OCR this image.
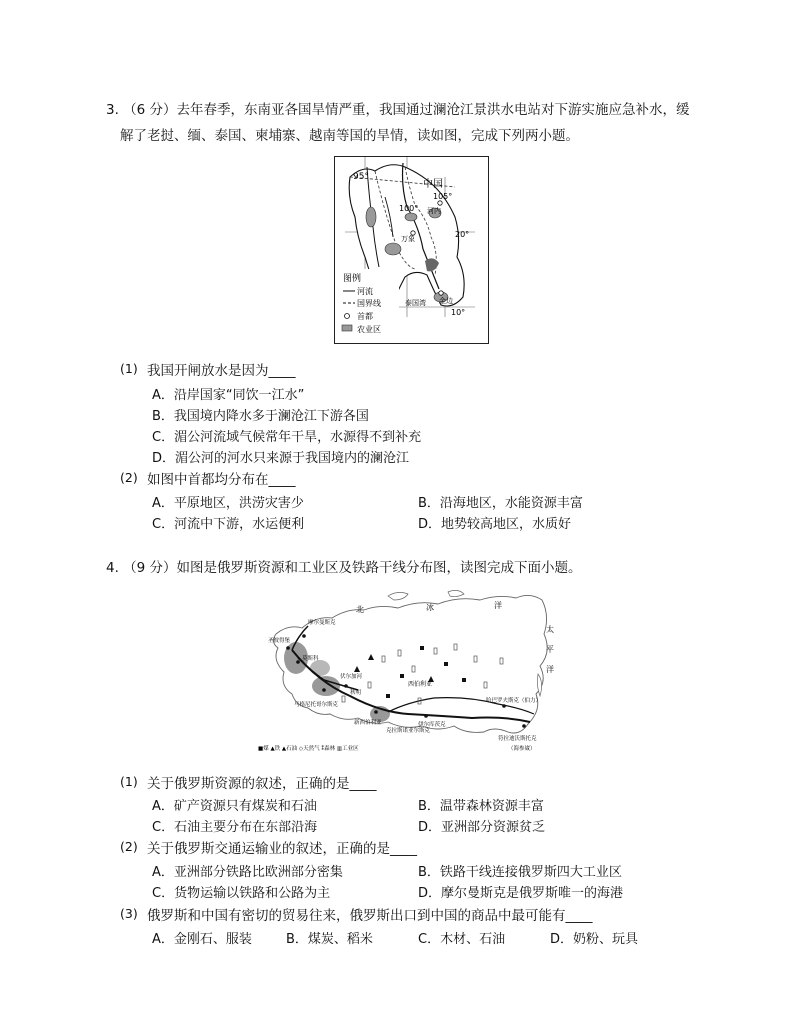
3. （6 分）去年春季，东南亚各国旱情严重，我国通过澜沧江景洪水电站对下游实施应急补水，缓
解了老挝、缅、泰国、柬埔寨、越南等国的旱情，读如图，完成下列两小题。
95°
中国
105°
100° 河内
20°
万象
泰国湾 金边
10°
图例
河流
国界线
首都
农业区
(1) 我国开闸放水是因为____
A．沿岸国家“同饮一江水”
B．我国境内降水多于澜沧江下游各国
C．湄公河流域气候常年干旱，水源得不到补充
D．湄公河的河水只来源于我国境内的澜沧江
(2) 如图中首都均分布在____
A．平原地区，洪涝灾害少	B．沿海地区，水能资源丰富
C．河流中下游，水运便利	D．地势较高地区，水质好
4. （9 分）如图是俄罗斯资源和工业区及铁路干线分布图，读图完成下面小题。
北	冰	洋
太
平
洋
摩尔曼斯克
圣彼得堡
莫斯科
伏尔加河
马格尼托哥尔斯克
秋明
新西伯利亚
克拉斯诺亚尔斯克
伊尔库茨克
哈巴罗夫斯克（伯力）
符拉迪沃斯托克
（海参崴）
西伯利亚
■煤 ▲铁 ▲石油 ◇天然气 ⁑森林 ▥工业区
(1) 关于俄罗斯资源的叙述，正确的是____
A．矿产资源只有煤炭和石油	B．温带森林资源丰富
C．石油主要分布在东部沿海	D．亚洲部分资源贫乏
(2) 关于俄罗斯交通运输业的叙述，正确的是____
A．亚洲部分铁路比欧洲部分密集	B．铁路干线连接俄罗斯四大工业区
C．货物运输以铁路和公路为主	D．摩尔曼斯克是俄罗斯唯一的海港
(3) 俄罗斯和中国有密切的贸易往来，俄罗斯出口到中国的商品中最可能有____
A．金刚石、服装	B．煤炭、稻米	C．木材、石油	D．奶粉、玩具
